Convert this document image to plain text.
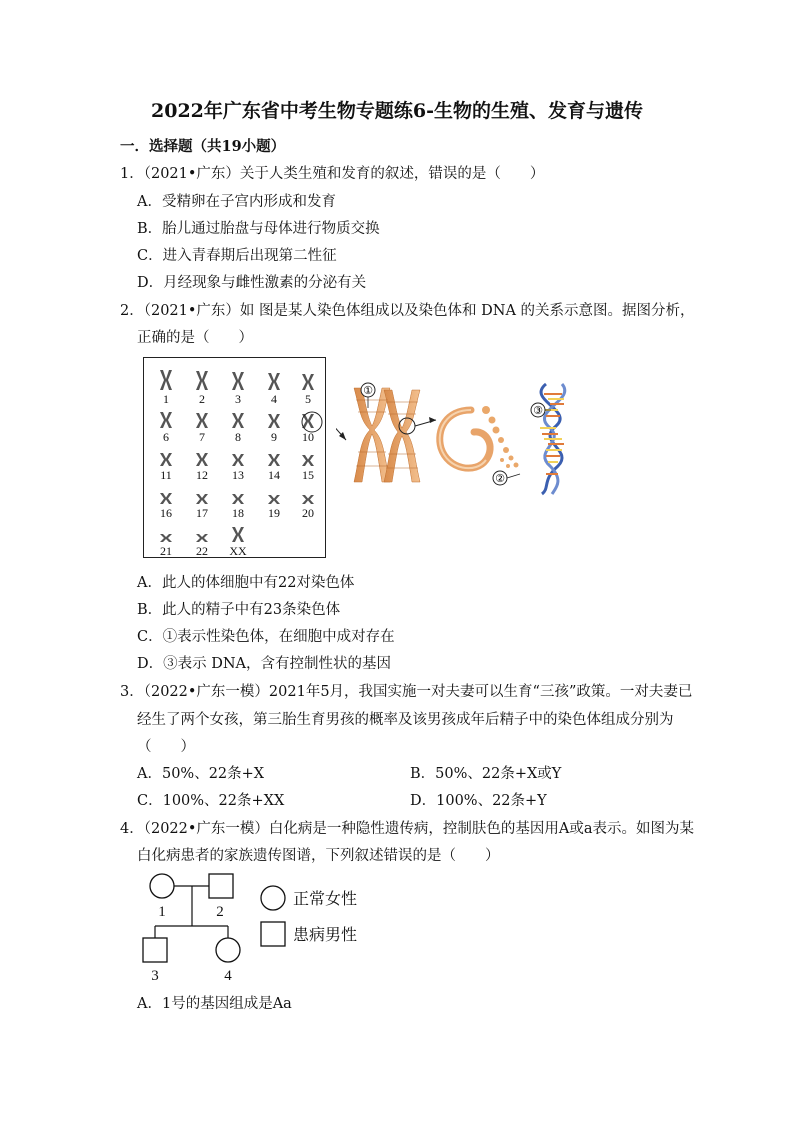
2022年广东省中考生物专题练6-生物的生殖、发育与遗传
一．选择题（共19小题）
1．（2021•广东）关于人类生殖和发育的叙述，错误的是（　　）
A．受精卵在子宫内形成和发育
B．胎儿通过胎盘与母体进行物质交换
C．进入青春期后出现第二性征
D．月经现象与雌性激素的分泌有关
2．（2021•广东）如 图是某人染色体组成以及染色体和 DNA 的关系示意图。据图分析，
正确的是（　　）
1	2	3	4 5
6	7	8	9 10
11 12 13 14 15
16 17 18 19 20
21 22 XX
①
②
③
A．此人的体细胞中有22对染色体
B．此人的精子中有23条染色体
C．①表示性染色体，在细胞中成对存在
D．③表示 DNA，含有控制性状的基因
3．（2022•广东一模）2021年5月，我国实施一对夫妻可以生育“三孩”政策。一对夫妻已
经生了两个女孩，第三胎生育男孩的概率及该男孩成年后精子中的染色体组成分别为
（　　）
A．50%、22条+X	B．50%、22条+X或Y
C．100%、22条+XX	D．100%、22条+Y
4．（2022•广东一模）白化病是一种隐性遗传病，控制肤色的基因用A或a表示。如图为某
白化病患者的家族遗传图谱，下列叙述错误的是（　　）
1	2
3	4
正常女性
患病男性
A．1号的基因组成是Aa
